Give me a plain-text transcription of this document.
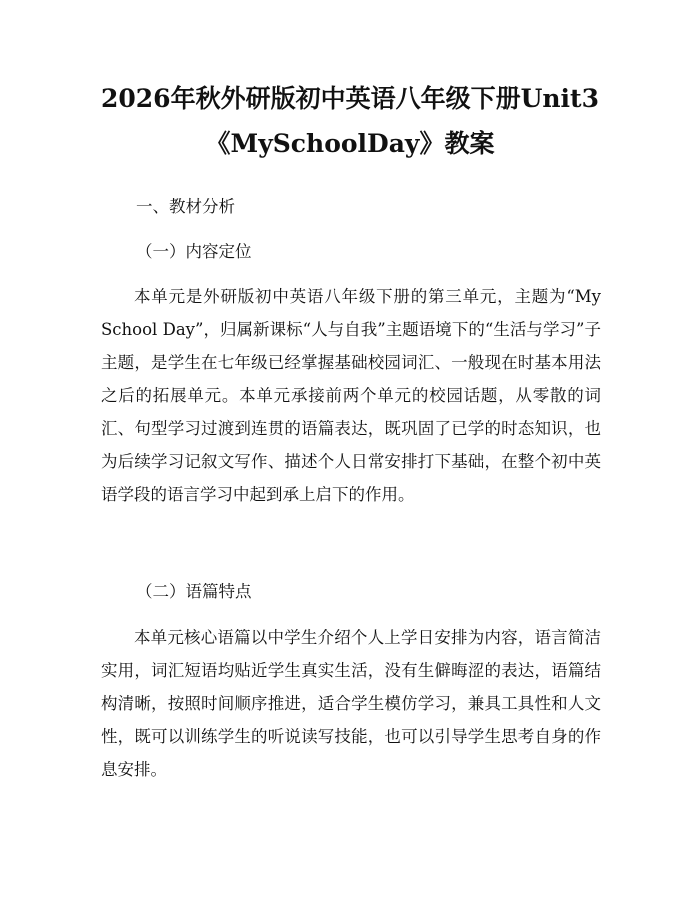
2026年秋外研版初中英语八年级下册Unit3
《MySchoolDay》教案

一、教材分析

（一）内容定位

本单元是外研版初中英语八年级下册的第三单元，主题为“My School Day”，归属新课标“人与自我”主题语境下的“生活与学习”子主题，是学生在七年级已经掌握基础校园词汇、一般现在时基本用法之后的拓展单元。本单元承接前两个单元的校园话题，从零散的词汇、句型学习过渡到连贯的语篇表达，既巩固了已学的时态知识，也为后续学习记叙文写作、描述个人日常安排打下基础，在整个初中英语学段的语言学习中起到承上启下的作用。

（二）语篇特点

本单元核心语篇以中学生介绍个人上学日安排为内容，语言简洁实用，词汇短语均贴近学生真实生活，没有生僻晦涩的表达，语篇结构清晰，按照时间顺序推进，适合学生模仿学习，兼具工具性和人文性，既可以训练学生的听说读写技能，也可以引导学生思考自身的作息安排。
